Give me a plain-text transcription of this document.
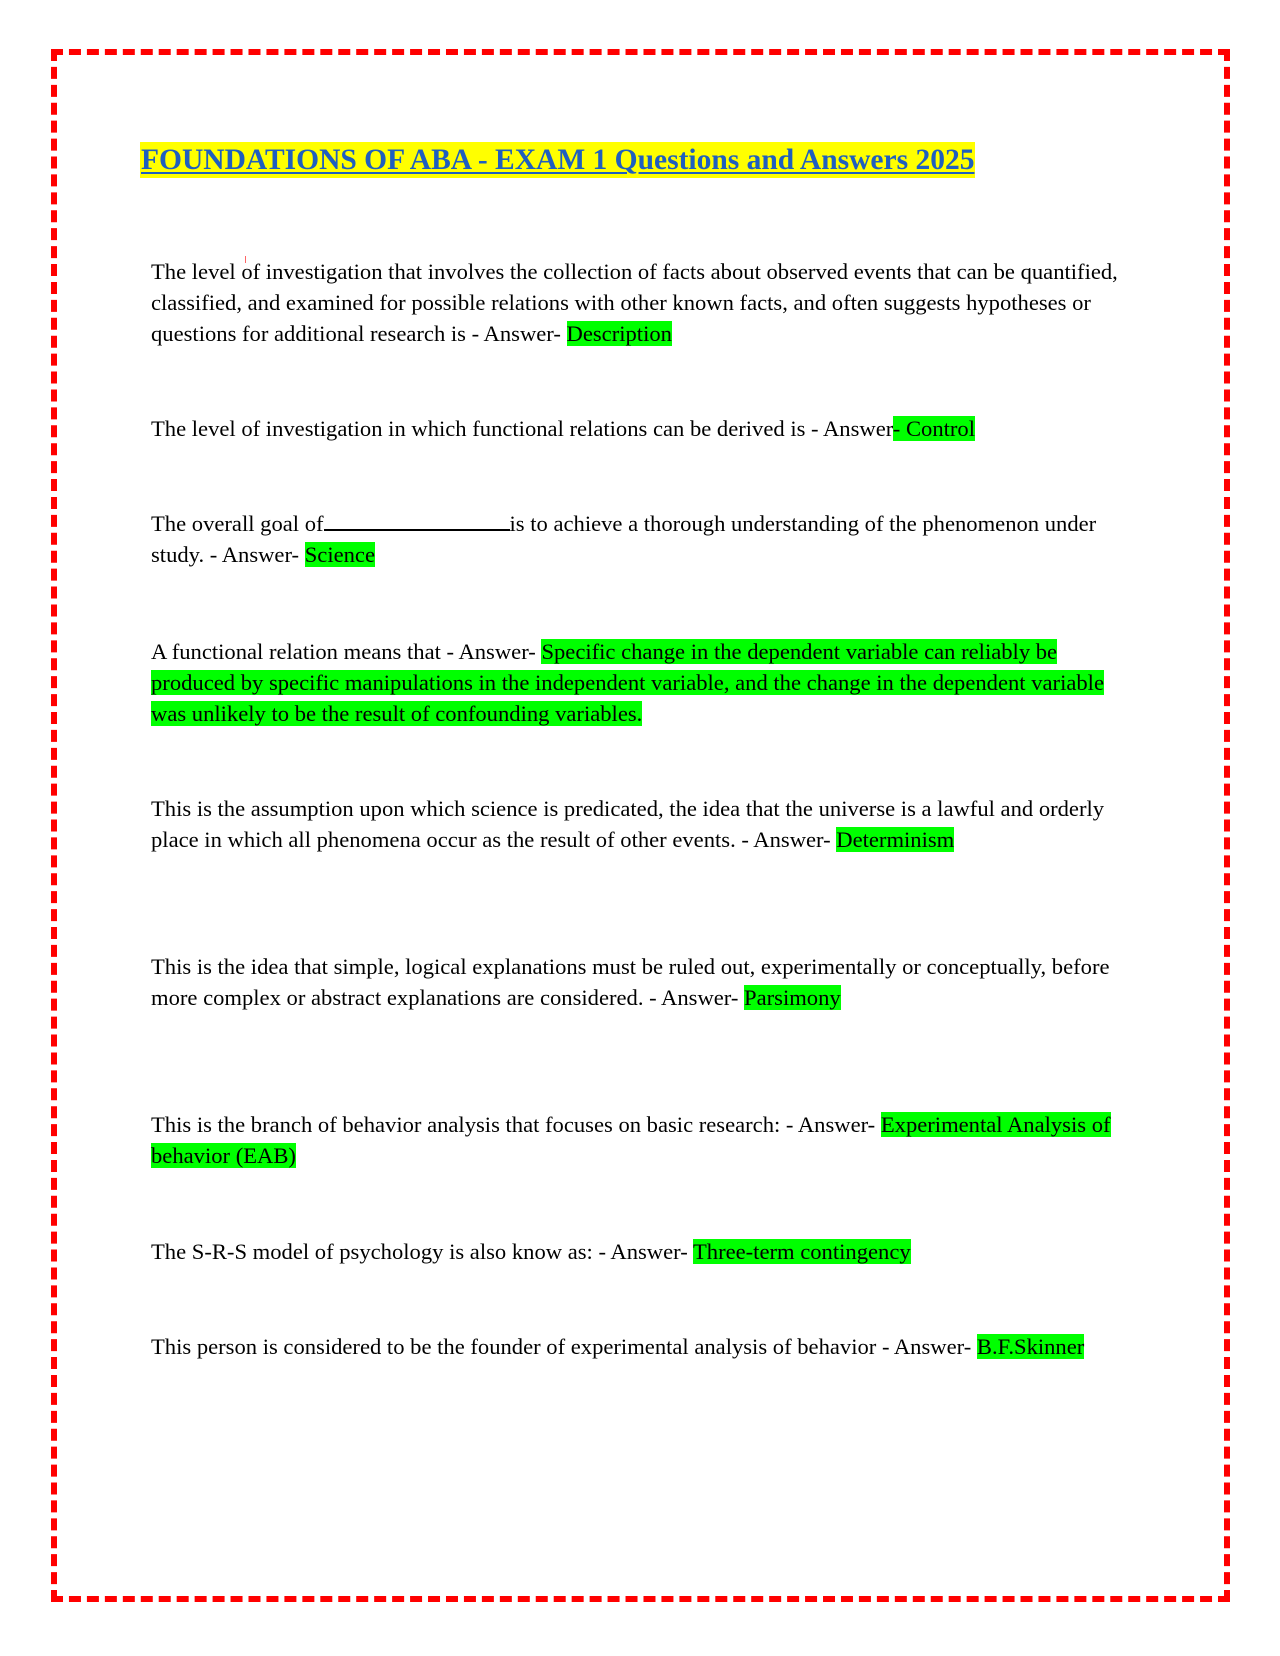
FOUNDATIONS OF ABA - EXAM 1 Questions and Answers 2025

The level of investigation that involves the collection of facts about observed events that can be quantified, classified, and examined for possible relations with other known facts, and often suggests hypotheses or questions for additional research is - Answer- Description

The level of investigation in which functional relations can be derived is - Answer- Control

The overall goal of	is to achieve a thorough understanding of the phenomenon under study. - Answer- Science

A functional relation means that - Answer- Specific change in the dependent variable can reliably be produced by specific manipulations in the independent variable, and the change in the dependent variable was unlikely to be the result of confounding variables.

This is the assumption upon which science is predicated, the idea that the universe is a lawful and orderly place in which all phenomena occur as the result of other events. - Answer- Determinism

This is the idea that simple, logical explanations must be ruled out, experimentally or conceptually, before more complex or abstract explanations are considered. - Answer- Parsimony

This is the branch of behavior analysis that focuses on basic research: - Answer- Experimental Analysis of behavior (EAB)

The S-R-S model of psychology is also know as: - Answer- Three-term contingency

This person is considered to be the founder of experimental analysis of behavior - Answer- B.F.Skinner
